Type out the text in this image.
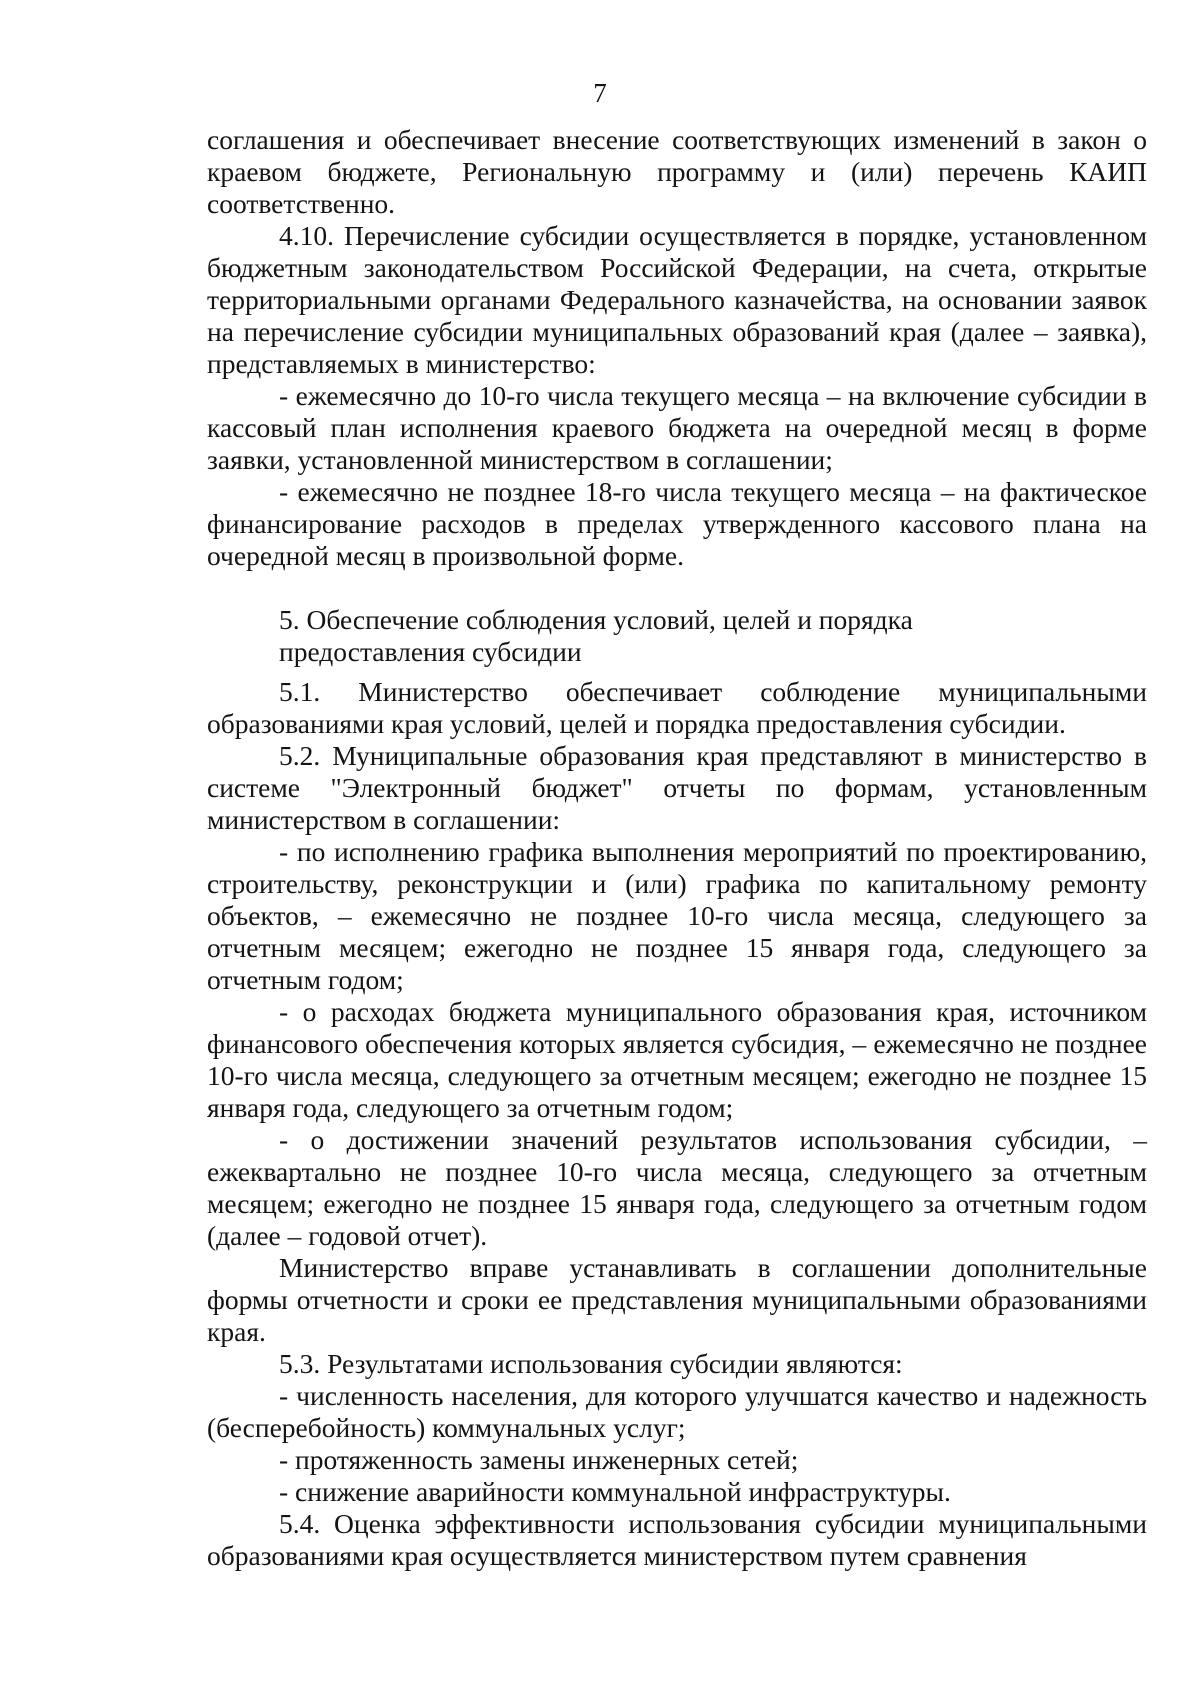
7

соглашения и обеспечивает внесение соответствующих изменений в закон о краевом бюджете, Региональную программу и (или) перечень КАИП соответственно.

4.10. Перечисление субсидии осуществляется в порядке, установленном бюджетным законодательством Российской Федерации, на счета, открытые территориальными органами Федерального казначейства, на основании заявок на перечисление субсидии муниципальных образований края (далее – заявка), представляемых в министерство:

- ежемесячно до 10-го числа текущего месяца – на включение субсидии в кассовый план исполнения краевого бюджета на очередной месяц в форме заявки, установленной министерством в соглашении;

- ежемесячно не позднее 18-го числа текущего месяца – на фактическое финансирование расходов в пределах утвержденного кассового плана на очередной месяц в произвольной форме.

5. Обеспечение соблюдения условий, целей и порядка предоставления субсидии

5.1. Министерство обеспечивает соблюдение муниципальными образованиями края условий, целей и порядка предоставления субсидии.

5.2. Муниципальные образования края представляют в министерство в системе "Электронный бюджет" отчеты по формам, установленным министерством в соглашении:

- по исполнению графика выполнения мероприятий по проектированию, строительству, реконструкции и (или) графика по капитальному ремонту объектов, – ежемесячно не позднее 10-го числа месяца, следующего за отчетным месяцем; ежегодно не позднее 15 января года, следующего за отчетным годом;

- о расходах бюджета муниципального образования края, источником финансового обеспечения которых является субсидия, – ежемесячно не позднее 10-го числа месяца, следующего за отчетным месяцем; ежегодно не позднее 15 января года, следующего за отчетным годом;

- о достижении значений результатов использования субсидии, – ежеквартально не позднее 10-го числа месяца, следующего за отчетным месяцем; ежегодно не позднее 15 января года, следующего за отчетным годом (далее – годовой отчет).

Министерство вправе устанавливать в соглашении дополнительные формы отчетности и сроки ее представления муниципальными образованиями края.

5.3. Результатами использования субсидии являются:

- численность населения, для которого улучшатся качество и надежность (бесперебойность) коммунальных услуг;

- протяженность замены инженерных сетей;

- снижение аварийности коммунальной инфраструктуры.

5.4. Оценка эффективности использования субсидии муниципальными образованиями края осуществляется министерством путем сравнения
